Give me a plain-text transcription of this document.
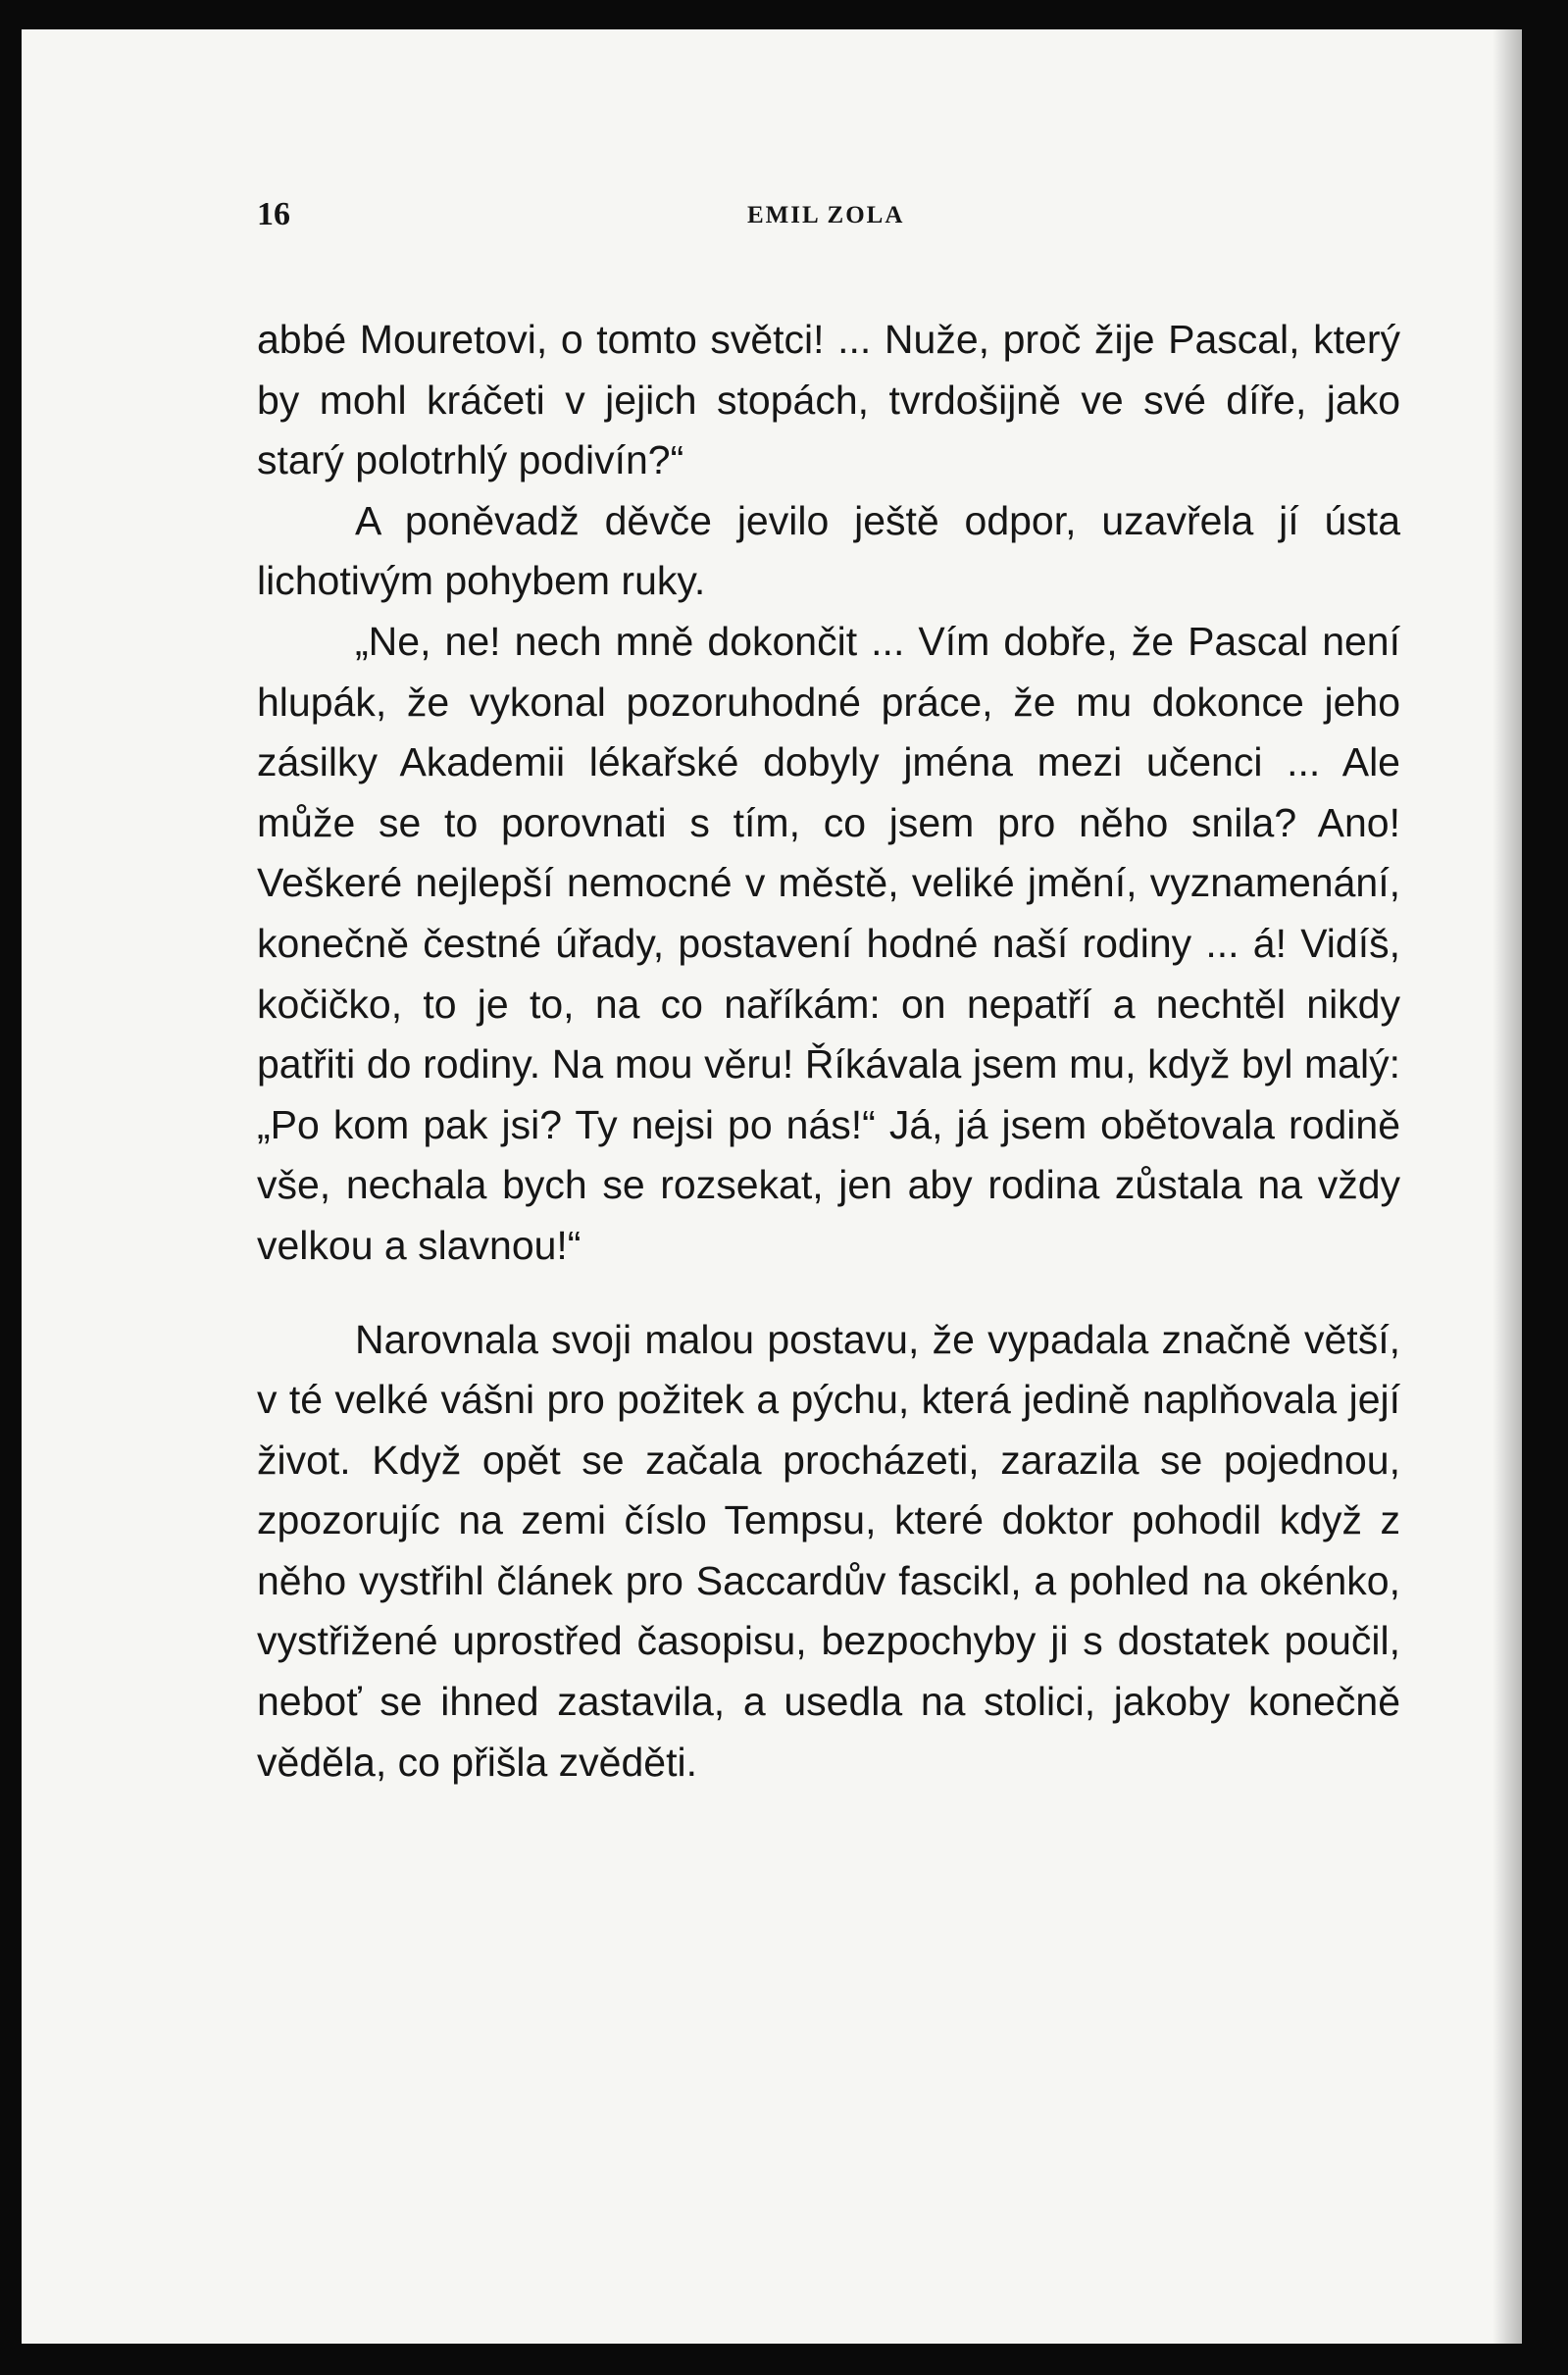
16	EMIL ZOLA

abbé Mouretovi, o tomto světci! ... Nuže, proč žije Pascal, který by mohl kráčeti v jejich stopách, tvrdošijně ve své díře, jako starý polotrhlý podivín?“

A poněvadž děvče jevilo ještě odpor, uzavřela jí ústa lichotivým pohybem ruky.

„Ne, ne! nech mně dokončit ... Vím dobře, že Pascal není hlupák, že vykonal pozoruhodné práce, že mu dokonce jeho zásilky Akademii lékařské dobyly jména mezi učenci ... Ale může se to porovnati s tím, co jsem pro něho snila? Ano! Veškeré nejlepší nemocné v městě, veliké jmění, vyznamenání, konečně čestné úřady, postavení hodné naší rodiny ... á! Vidíš, kočičko, to je to, na co naříkám: on nepatří a nechtěl nikdy patřiti do rodiny. Na mou věru! Říkávala jsem mu, když byl malý: „Po kom pak jsi? Ty nejsi po nás!“ Já, já jsem obětovala rodině vše, nechala bych se rozsekat, jen aby rodina zůstala na vždy velkou a slavnou!“

Narovnala svoji malou postavu, že vypadala značně větší, v té velké vášni pro požitek a pýchu, která jedině naplňovala její život. Když opět se začala procházeti, zarazila se pojednou, zpozorujíc na zemi číslo Tempsu, které doktor pohodil když z něho vystřihl článek pro Saccardův fascikl, a pohled na okénko, vystřižené uprostřed časopisu, bezpochyby ji s dostatek poučil, neboť se ihned zastavila, a usedla na stolici, jakoby konečně věděla, co přišla zvěděti.
